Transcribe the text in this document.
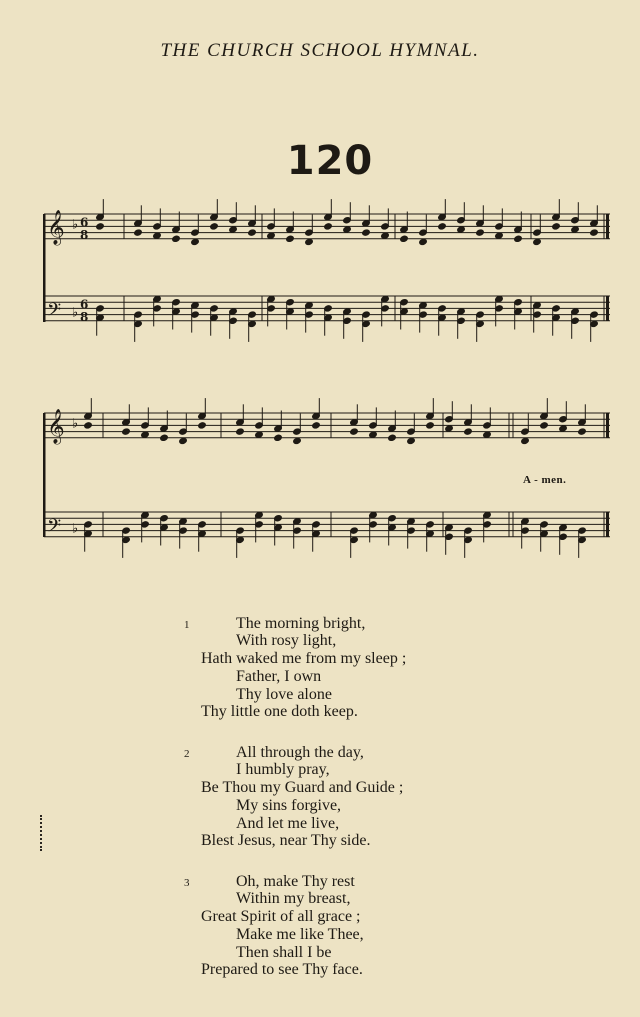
THE CHURCH SCHOOL HYMNAL.
120
𝄞 ♭ 6
8
𝄢 ♭
6
8
𝄞 ♭
𝄢 ♭
A - men.
1	The morning bright,
With rosy light,
Hath waked me from my sleep ;
Father, I own
Thy love alone
Thy little one doth keep.
2	All through the day,
I humbly pray,
Be Thou my Guard and Guide ;
My sins forgive,
And let me live,
Blest Jesus, near Thy side.
3	Oh, make Thy rest
Within my breast,
Great Spirit of all grace ;
Make me like Thee,
Then shall I be
Prepared to see Thy face.
